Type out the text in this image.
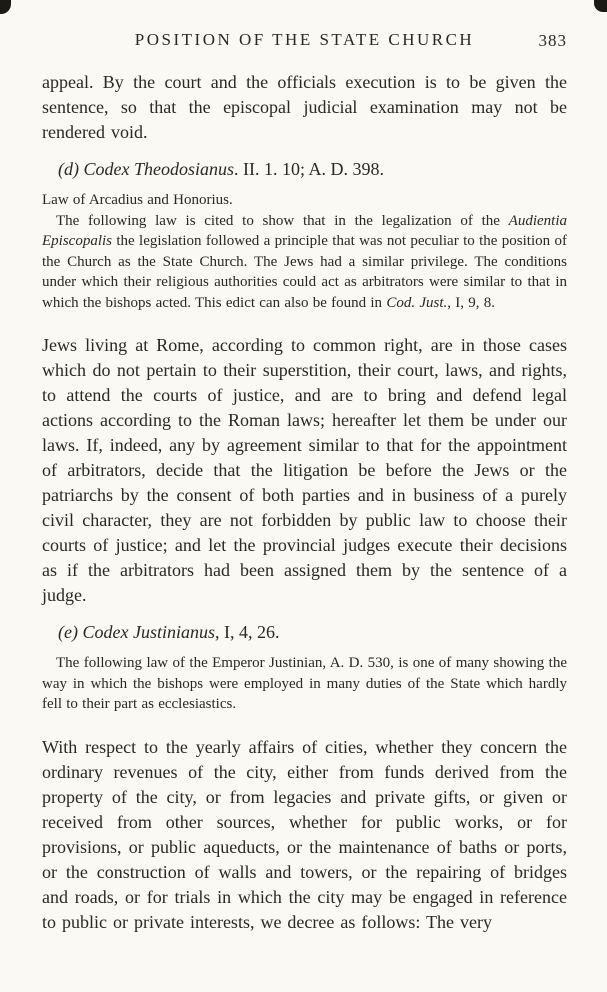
POSITION OF THE STATE CHURCH	383

appeal. By the court and the officials execution is to be given the sentence, so that the episcopal judicial examination may not be rendered void.

(d) Codex Theodosianus. II. 1. 10; A. D. 398.

Law of Arcadius and Honorius.

The following law is cited to show that in the legalization of the Audientia Episcopalis the legislation followed a principle that was not peculiar to the position of the Church as the State Church. The Jews had a similar privilege. The conditions under which their religious authorities could act as arbitrators were similar to that in which the bishops acted. This edict can also be found in Cod. Just., I, 9, 8.

Jews living at Rome, according to common right, are in those cases which do not pertain to their superstition, their court, laws, and rights, to attend the courts of justice, and are to bring and defend legal actions according to the Roman laws; hereafter let them be under our laws. If, indeed, any by agreement similar to that for the appointment of arbitrators, decide that the litigation be before the Jews or the patriarchs by the consent of both parties and in business of a purely civil character, they are not forbidden by public law to choose their courts of justice; and let the provincial judges execute their decisions as if the arbitrators had been assigned them by the sentence of a judge.

(e) Codex Justinianus, I, 4, 26.

The following law of the Emperor Justinian, A. D. 530, is one of many showing the way in which the bishops were employed in many duties of the State which hardly fell to their part as ecclesiastics.

With respect to the yearly affairs of cities, whether they concern the ordinary revenues of the city, either from funds derived from the property of the city, or from legacies and private gifts, or given or received from other sources, whether for public works, or for provisions, or public aqueducts, or the maintenance of baths or ports, or the construction of walls and towers, or the repairing of bridges and roads, or for trials in which the city may be engaged in reference to public or private interests, we decree as follows: The very
